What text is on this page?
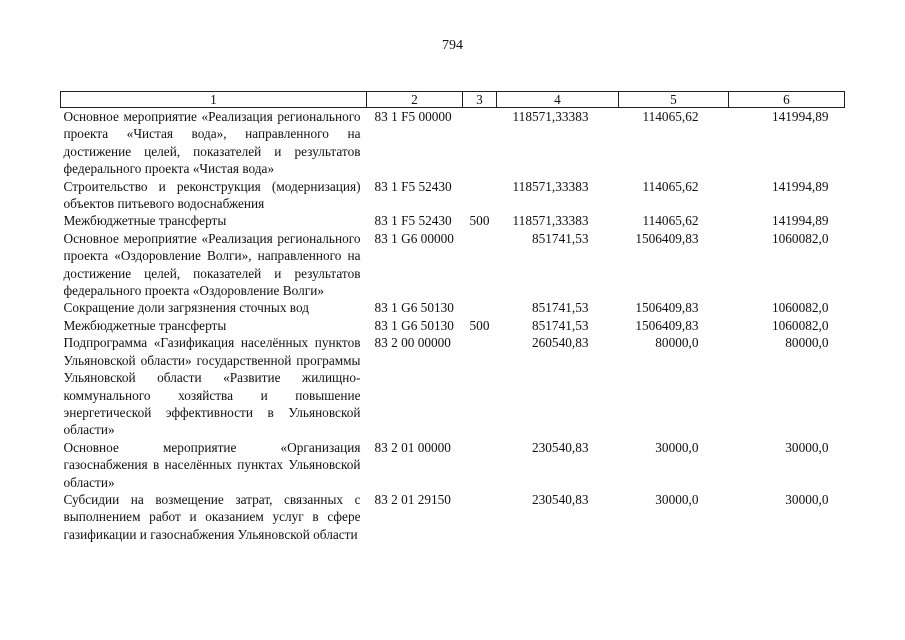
794
1	2	3	4	5	6
Основное мероприятие «Реализация регионального проекта «Чистая вода», направленного на достижение целей, показателей и результатов федерального проекта «Чистая вода»	83 1 F5 00000		118571,33383	114065,62	141994,89
Строительство и реконструкция (модернизация) объектов питьевого водоснабжения	83 1 F5 52430		118571,33383	114065,62	141994,89
Межбюджетные трансферты	83 1 F5 52430	500	118571,33383	114065,62	141994,89
Основное мероприятие «Реализация регионального проекта «Оздоровление Волги», направленного на достижение целей, показателей и результатов федерального проекта «Оздоровление Волги»	83 1 G6 00000		851741,53	1506409,83	1060082,0
Сокращение доли загрязнения сточных вод	83 1 G6 50130		851741,53	1506409,83	1060082,0
Межбюджетные трансферты	83 1 G6 50130	500	851741,53	1506409,83	1060082,0
Подпрограмма «Газификация населённых пунктов Ульяновской области» государственной программы Ульяновской области «Развитие жилищно-коммунального хозяйства и повышение энергетической эффективности в Ульяновской области»	83 2 00 00000		260540,83	80000,0	80000,0
Основное мероприятие «Организация газоснабжения в населённых пунктах Ульяновской области»	83 2 01 00000		230540,83	30000,0	30000,0
Субсидии на возмещение затрат, связанных с выполнением работ и оказанием услуг в сфере газификации и газоснабжения Ульяновской области	83 2 01 29150		230540,83	30000,0	30000,0
